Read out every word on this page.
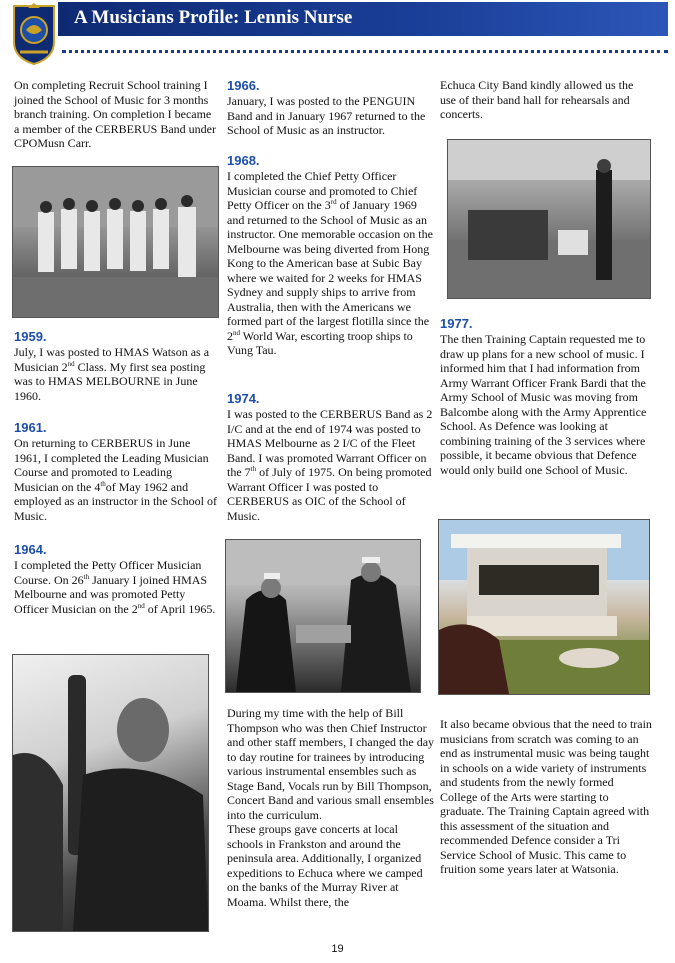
A Musicians Profile: Lennis Nurse

On completing Recruit School training I joined the School of Music for 3 months branch training. On completion I became a member of the CERBERUS Band under CPOMusn Carr.

1959.

July, I was posted to HMAS Watson as a Musician 2nd Class. My first sea posting was to HMAS MELBOURNE in June 1960.

1961.

On returning to CERBERUS in June 1961, I completed the Leading Musician Course and promoted to Leading Musician on the 4thof May 1962 and employed as an instructor in the School of Music.

1964.

I completed the Petty Officer Musician Course. On 26th January I joined HMAS Melbourne and was promoted Petty Officer Musician on the 2nd of April 1965.

1966.

January, I was posted to the PENGUIN Band and in January 1967 returned to the School of Music as an instructor.

1968.

I completed the Chief Petty Officer Musician course and promoted to Chief Petty Officer on the 3rd of January 1969 and returned to the School of Music as an instructor. One memorable occasion on the Melbourne was being diverted from Hong Kong to the American base at Subic Bay where we waited for 2 weeks for HMAS Sydney and supply ships to arrive from Australia, then with the Americans we formed part of the largest flotilla since the 2nd World War, escorting troop ships to Vung Tau.

1974.

I was posted to the CERBERUS Band as 2 I/C and at the end of 1974 was posted to HMAS Melbourne as 2 I/C of the Fleet Band. I was promoted Warrant Officer on the 7th of July of 1975. On being promoted Warrant Officer I was posted to CERBERUS as OIC of the School of Music.

During my time with the help of Bill Thompson who was then Chief Instructor and other staff members, I changed the day to day routine for trainees by introducing various instrumental ensembles such as Stage Band, Vocals run by Bill Thompson, Concert Band and various small ensembles into the curriculum.

These groups gave concerts at local schools in Frankston and around the peninsula area. Additionally, I organized expeditions to Echuca where we camped on the banks of the Murray River at Moama. Whilst there, the

Echuca City Band kindly allowed us the use of their band hall for rehearsals and concerts.

1977.

The then Training Captain requested me to draw up plans for a new school of music. I informed him that I had information from Army Warrant Officer Frank Bardi that the Army School of Music was moving from Balcombe along with the Army Apprentice School. As Defence was looking at combining training of the 3 services where possible, it became obvious that Defence would only build one School of Music.

It also became obvious that the need to train musicians from scratch was coming to an end as instrumental music was being taught in schools on a wide variety of instruments and students from the newly formed College of the Arts were starting to graduate. The Training Captain agreed with this assessment of the situation and recommended Defence consider a Tri Service School of Music. This came to fruition some years later at Watsonia.

19
